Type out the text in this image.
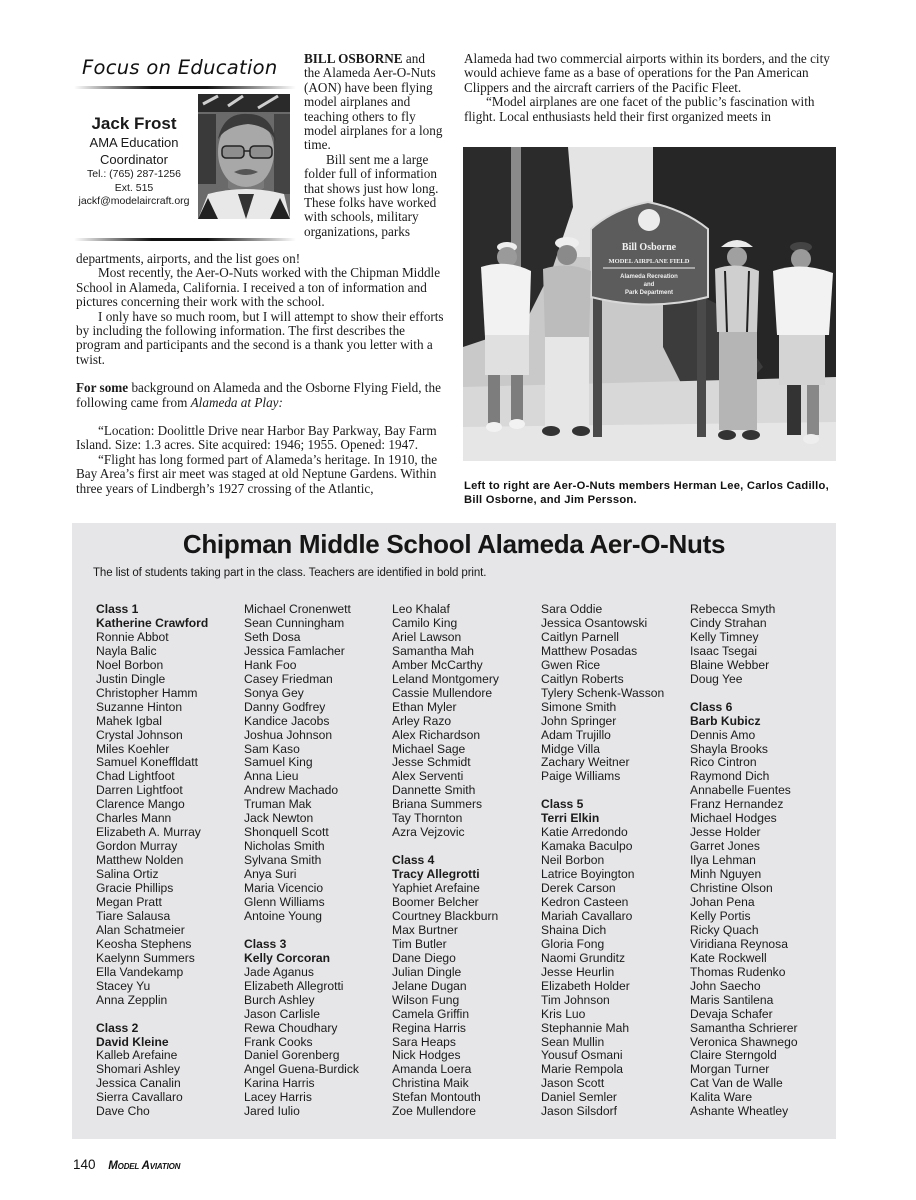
Focus on Education
Jack Frost
AMA Education Coordinator
Tel.: (765) 287-1256
Ext. 515
jackf@modelaircraft.org

BILL OSBORNE and the Alameda Aer-O-Nuts (AON) have been flying model airplanes and teaching others to fly model airplanes for a long time.

Bill sent me a large folder full of information that shows just how long. These folks have worked with schools, military organizations, parks

departments, airports, and the list goes on!

Most recently, the Aer-O-Nuts worked with the Chipman Middle School in Alameda, California. I received a ton of information and pictures concerning their work with the school.

I only have so much room, but I will attempt to show their efforts by including the following information. The first describes the program and participants and the second is a thank you letter with a twist.

For some background on Alameda and the Osborne Flying Field, the following came from Alameda at Play:

“Location: Doolittle Drive near Harbor Bay Parkway, Bay Farm Island. Size: 1.3 acres. Site acquired: 1946; 1955. Opened: 1947.

“Flight has long formed part of Alameda’s heritage. In 1910, the Bay Area’s first air meet was staged at old Neptune Gardens. Within three years of Lindbergh’s 1927 crossing of the Atlantic,

Alameda had two commercial airports within its borders, and the city would achieve fame as a base of operations for the Pan American Clippers and the aircraft carriers of the Pacific Fleet.

“Model airplanes are one facet of the public’s fascination with flight. Local enthusiasts held their first organized meets in

Bill Osborne
MODEL AIRPLANE FIELD
Alameda Recreation
and
Park Department
Left to right are Aer-O-Nuts members Herman Lee, Carlos Cadillo, Bill Osborne, and Jim Persson.
Chipman Middle School Alameda Aer-O-Nuts
The list of students taking part in the class. Teachers are identified in bold print.
Class 1
Katherine Crawford
Ronnie Abbot
Nayla Balic
Noel Borbon
Justin Dingle
Christopher Hamm
Suzanne Hinton
Mahek Igbal
Crystal Johnson
Miles Koehler
Samuel Koneffldatt
Chad Lightfoot
Darren Lightfoot
Clarence Mango
Charles Mann
Elizabeth A. Murray
Gordon Murray
Matthew Nolden
Salina Ortiz
Gracie Phillips
Megan Pratt
Tiare Salausa
Alan Schatmeier
Keosha Stephens
Kaelynn Summers
Ella Vandekamp
Stacey Yu
Anna Zepplin
Class 2
David Kleine
Kalleb Arefaine
Shomari Ashley
Jessica Canalin
Sierra Cavallaro
Dave Cho
Michael Cronenwett
Sean Cunningham
Seth Dosa
Jessica Famlacher
Hank Foo
Casey Friedman
Sonya Gey
Danny Godfrey
Kandice Jacobs
Joshua Johnson
Sam Kaso
Samuel King
Anna Lieu
Andrew Machado
Truman Mak
Jack Newton
Shonquell Scott
Nicholas Smith
Sylvana Smith
Anya Suri
Maria Vicencio
Glenn Williams
Antoine Young
Class 3
Kelly Corcoran
Jade Aganus
Elizabeth Allegrotti
Burch Ashley
Jason Carlisle
Rewa Choudhary
Frank Cooks
Daniel Gorenberg
Angel Guena-Burdick
Karina Harris
Lacey Harris
Jared Iulio
Leo Khalaf
Camilo King
Ariel Lawson
Samantha Mah
Amber McCarthy
Leland Montgomery
Cassie Mullendore
Ethan Myler
Arley Razo
Alex Richardson
Michael Sage
Jesse Schmidt
Alex Serventi
Dannette Smith
Briana Summers
Tay Thornton
Azra Vejzovic
Class 4
Tracy Allegrotti
Yaphiet Arefaine
Boomer Belcher
Courtney Blackburn
Max Burtner
Tim Butler
Dane Diego
Julian Dingle
Jelane Dugan
Wilson Fung
Camela Griffin
Regina Harris
Sara Heaps
Nick Hodges
Amanda Loera
Christina Maik
Stefan Montouth
Zoe Mullendore
Sara Oddie
Jessica Osantowski
Caitlyn Parnell
Matthew Posadas
Gwen Rice
Caitlyn Roberts
Tylery Schenk-Wasson
Simone Smith
John Springer
Adam Trujillo
Midge Villa
Zachary Weitner
Paige Williams
Class 5
Terri Elkin
Katie Arredondo
Kamaka Baculpo
Neil Borbon
Latrice Boyington
Derek Carson
Kedron Casteen
Mariah Cavallaro
Shaina Dich
Gloria Fong
Naomi Grunditz
Jesse Heurlin
Elizabeth Holder
Tim Johnson
Kris Luo
Stephannie Mah
Sean Mullin
Yousuf Osmani
Marie Rempola
Jason Scott
Daniel Semler
Jason Silsdorf
Rebecca Smyth
Cindy Strahan
Kelly Timney
Isaac Tsegai
Blaine Webber
Doug Yee
Class 6
Barb Kubicz
Dennis Amo
Shayla Brooks
Rico Cintron
Raymond Dich
Annabelle Fuentes
Franz Hernandez
Michael Hodges
Jesse Holder
Garret Jones
Ilya Lehman
Minh Nguyen
Christine Olson
Johan Pena
Kelly Portis
Ricky Quach
Viridiana Reynosa
Kate Rockwell
Thomas Rudenko
John Saecho
Maris Santilena
Devaja Schafer
Samantha Schrierer
Veronica Shawnego
Claire Sterngold
Morgan Turner
Cat Van de Walle
Kalita Ware
Ashante Wheatley
140 Model Aviation
